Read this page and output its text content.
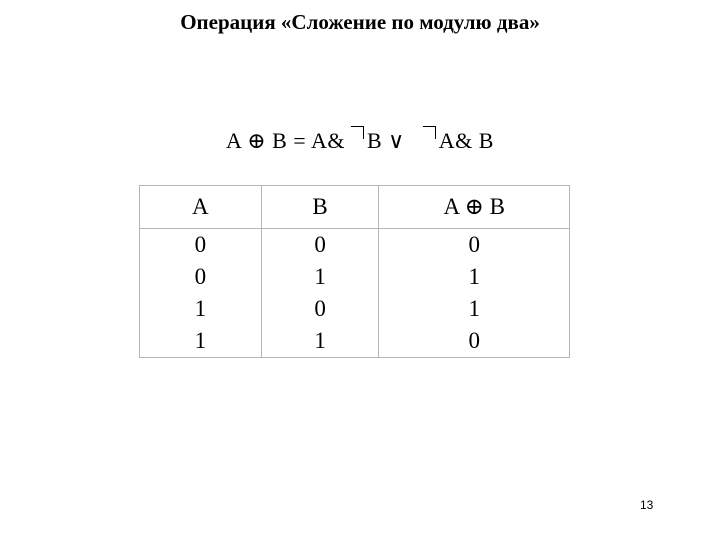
Операция «Сложение по модулю два»
A ⊕ B = A& B ∨ A& B
A	B	A ⊕ B
0	0	0
0	1	1
1	0	1
1	1	0
13
